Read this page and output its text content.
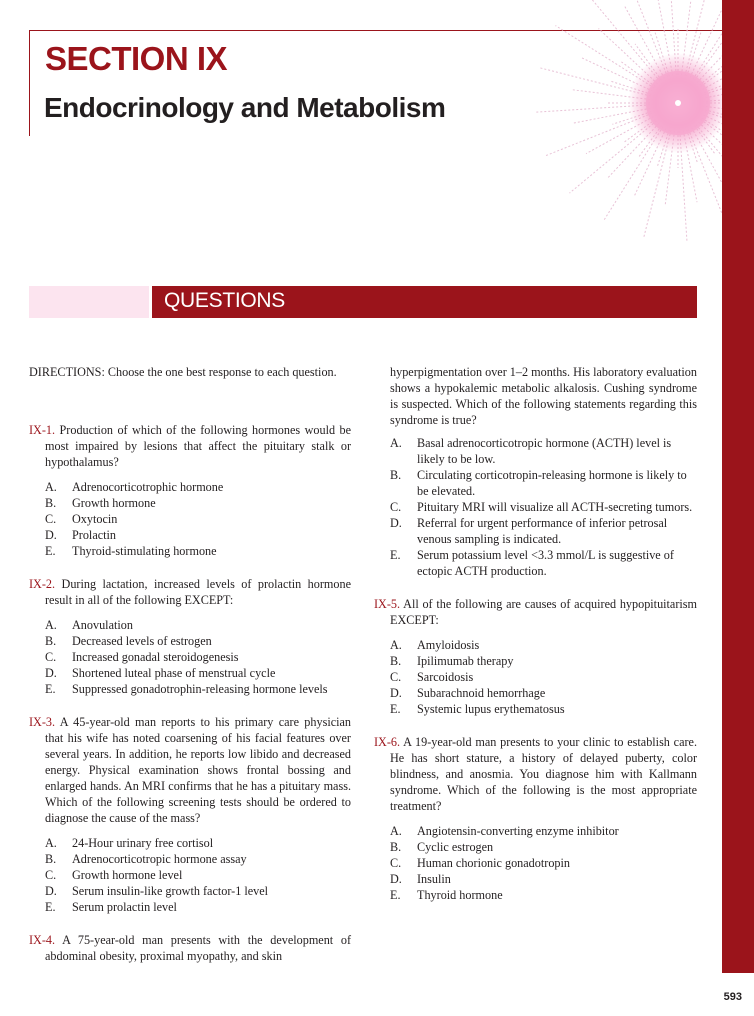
SECTION IX
Endocrinology and Metabolism
QUESTIONS

DIRECTIONS: Choose the one best response to each question.

IX-1. Production of which of the following hormones would be most impaired by lesions that affect the pituitary stalk or hypothalamus?

A. Adrenocorticotrophic hormone
B. Growth hormone
C. Oxytocin
D. Prolactin
E. Thyroid-stimulating hormone

IX-2. During lactation, increased levels of prolactin hormone result in all of the following EXCEPT:

A. Anovulation
B. Decreased levels of estrogen
C. Increased gonadal steroidogenesis
D. Shortened luteal phase of menstrual cycle
E. Suppressed gonadotrophin-releasing hormone levels

IX-3. A 45-year-old man reports to his primary care physician that his wife has noted coarsening of his facial features over several years. In addition, he reports low libido and decreased energy. Physical examination shows frontal bossing and enlarged hands. An MRI confirms that he has a pituitary mass. Which of the following screening tests should be ordered to diagnose the cause of the mass?

A. 24-Hour urinary free cortisol
B. Adrenocorticotropic hormone assay
C. Growth hormone level
D. Serum insulin-like growth factor-1 level
E. Serum prolactin level

IX-4. A 75-year-old man presents with the development of abdominal obesity, proximal myopathy, and skin

hyperpigmentation over 1–2 months. His laboratory evaluation shows a hypokalemic metabolic alkalosis. Cushing syndrome is suspected. Which of the following statements regarding this syndrome is true?

A. Basal adrenocorticotropic hormone (ACTH) level is likely to be low.
B. Circulating corticotropin-releasing hormone is likely to be elevated.
C. Pituitary MRI will visualize all ACTH-secreting tumors.
D. Referral for urgent performance of inferior petrosal venous sampling is indicated.
E. Serum potassium level <3.3 mmol/L is suggestive of ectopic ACTH production.

IX-5. All of the following are causes of acquired hypopituitarism EXCEPT:

A. Amyloidosis
B. Ipilimumab therapy
C. Sarcoidosis
D. Subarachnoid hemorrhage
E. Systemic lupus erythematosus

IX-6. A 19-year-old man presents to your clinic to establish care. He has short stature, a history of delayed puberty, color blindness, and anosmia. You diagnose him with Kallmann syndrome. Which of the following is the most appropriate treatment?

A. Angiotensin-converting enzyme inhibitor
B. Cyclic estrogen
C. Human chorionic gonadotropin
D. Insulin
E. Thyroid hormone
593
